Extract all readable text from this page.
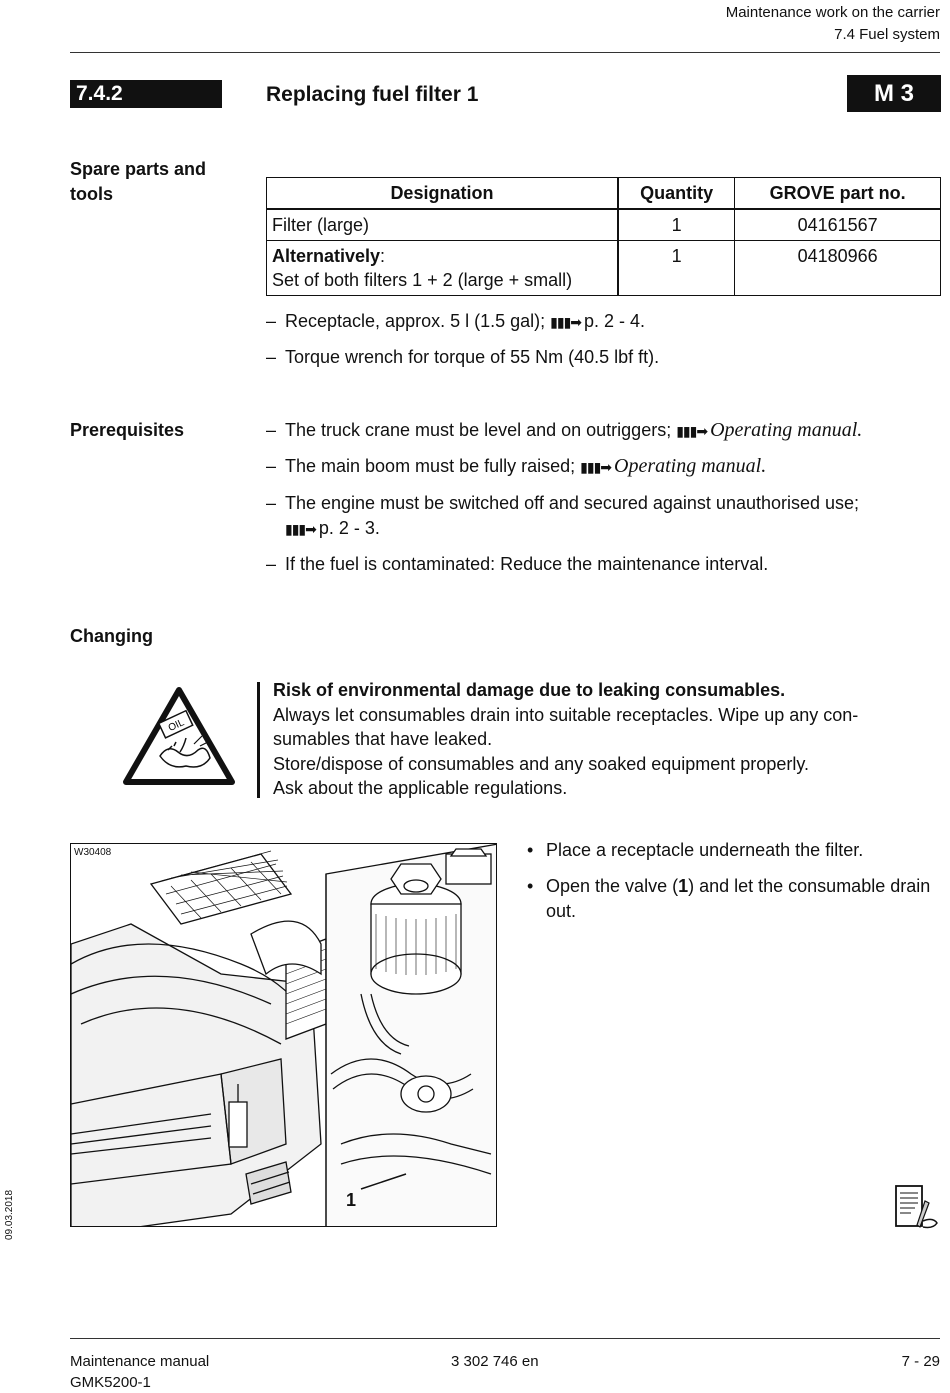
Maintenance work on the carrier
7.4 Fuel system
7.4.2	Replacing fuel filter 1	M 3
Spare parts and tools	Designation	Quantity	GROVE part no.
Filter (large)	1	04161567
Alternatively:
Set of both filters 1 + 2 (large + small)	1	04180966
– Receptacle, approx. 5 l (1.5 gal); ▮▮▮➡ p. 2 - 4.
– Torque wrench for torque of 55 Nm (40.5 lbf ft).
Prerequisites	– The truck crane must be level and on outriggers; ▮▮▮➡ Operating manual.
– The main boom must be fully raised; ▮▮▮➡ Operating manual.
– The engine must be switched off and secured against unauthorised use;
▮▮▮➡ p. 2 - 3.
– If the fuel is contaminated: Reduce the maintenance interval.
Changing
OIL
Risk of environmental damage due to leaking consumables.
Always let consumables drain into suitable receptacles. Wipe up any con-
sumables that have leaked.
Store/dispose of consumables and any soaked equipment properly.
Ask about the applicable regulations.
W30408
1
• Place a receptacle underneath the filter.
• Open the valve (1) and let the consumable drain out.
09.03.2018
Maintenance manual
GMK5200-1
3 302 746 en	7 - 29
